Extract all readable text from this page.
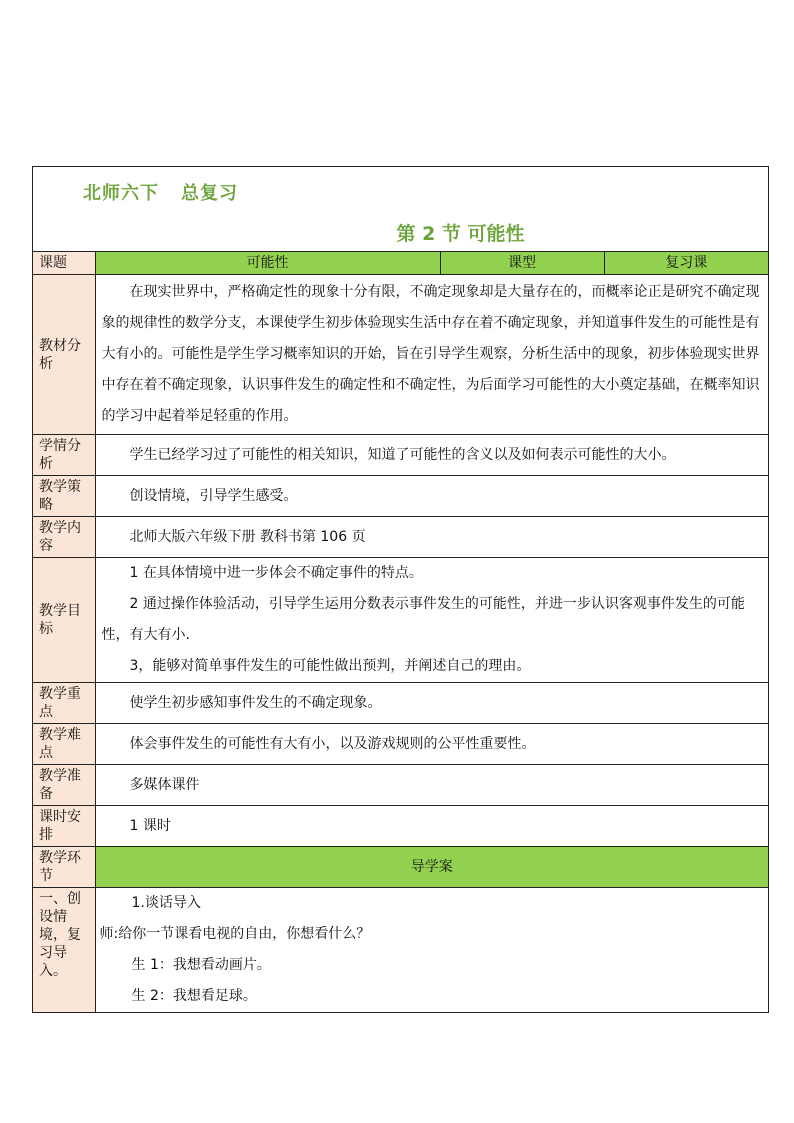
北师六下 总复习
第 2 节 可能性
课题	可能性	课型	复习课
教材分析	在现实世界中，严格确定性的现象十分有限，不确定现象却是大量存在的，而概率论正是研究不确定现象的规律性的数学分支，本课使学生初步体验现实生活中存在着不确定现象，并知道事件发生的可能性是有大有小的。可能性是学生学习概率知识的开始，旨在引导学生观察，分析生活中的现象，初步体验现实世界中存在着不确定现象，认识事件发生的确定性和不确定性，为后面学习可能性的大小奠定基础，在概率知识的学习中起着举足轻重的作用。		

学情分析	学生已经学习过了可能性的相关知识，知道了可能性的含义以及如何表示可能性的大小。		

教学策略	创设情境，引导学生感受。		

教学内容	北师大版六年级下册 教科书第 106 页		

教学目标	1 在具体情境中进一步体会不确定事件的特点。

2 通过操作体验活动，引导学生运用分数表示事件发生的可能性，并进一步认识客观事件发生的可能性，有大有小.

3，能够对简单事件发生的可能性做出预判，并阐述自己的理由。		

教学重点	使学生初步感知事件发生的不确定现象。		

教学难点	体会事件发生的可能性有大有小，以及游戏规则的公平性重要性。		

教学准备	多媒体课件		

课时安排	1 课时		

教学环节	导学案		
一、创设情境，复习导入。	1.谈话导入

师:给你一节课看电视的自由，你想看什么？

生 1：我想看动画片。

生 2：我想看足球。		
